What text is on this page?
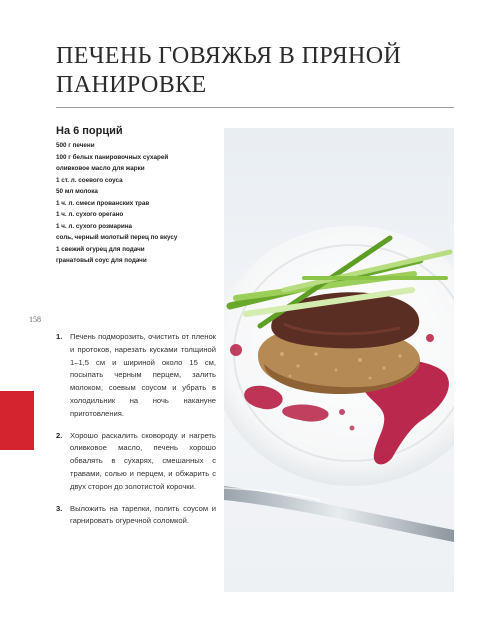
ПЕЧЕНЬ ГОВЯЖЬЯ В ПРЯНОЙ
ПАНИРОВКЕ
На 6 порций
500 г печени
100 г белых панировочных сухарей
оливковое масло для жарки
1 ст. л. соевого соуса
50 мл молока
1 ч. л. смеси прованских трав
1 ч. л. сухого орегано
1 ч. л. сухого розмарина
соль, черный молотый перец по вкусу
1 свежий огурец для подачи
гранатовый соус для подачи
158
1. Печень подморозить, очистить от пленок и протоков, нарезать кусками толщиной 1–1,5 см и шириной около 15 см, посыпать черным перцем, залить молоком, соевым соусом и убрать в холодильник на ночь накануне приготовления.
2. Хорошо раскалить сковороду и нагреть оливковое масло, печень хорошо обвалять в сухарях, смешанных с травами, солью и перцем, и обжарить с двух сторон до золотистой корочки.
3. Выложить на тарелки, полить соусом и гарнировать огуречной соломкой.
